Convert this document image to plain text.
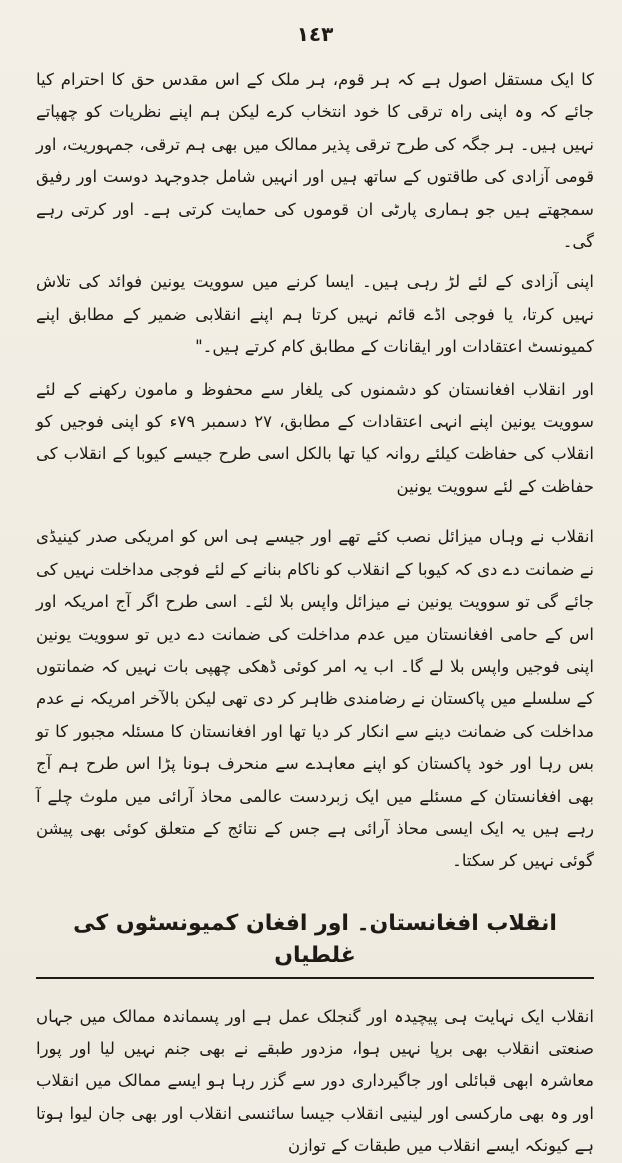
١٤٣

کا ایک مستقل اصول ہے کہ ہر قوم، ہر ملک کے اس مقدس حق کا احترام کیا جائے کہ وہ اپنی راہ ترقی کا خود انتخاب کرے لیکن ہم اپنے نظریات کو چھپاتے نہیں ہیں۔ ہر جگہ کی طرح ترقی پذیر ممالک میں بھی ہم ترقی، جمہوریت، اور قومی آزادی کی طاقتوں کے ساتھ ہیں اور انہیں شامل جدوجہد دوست اور رفیق سمجھتے ہیں جو ہماری پارٹی ان قوموں کی حمایت کرتی ہے۔ اور کرتی رہے گی۔

اپنی آزادی کے لئے لڑ رہی ہیں۔ ایسا کرنے میں سوویت یونین فوائد کی تلاش نہیں کرتا، یا فوجی اڈے قائم نہیں کرتا ہم اپنے انقلابی ضمیر کے مطابق اپنے کمیونسٹ اعتقادات اور ایقانات کے مطابق کام کرتے ہیں۔"

اور انقلاب افغانستان کو دشمنوں کی یلغار سے محفوظ و مامون رکھنے کے لئے سوویت یونین اپنے انہی اعتقادات کے مطابق، ۲۷ دسمبر ۷۹ء کو اپنی فوجیں کو انقلاب کی حفاظت کیلئے روانہ کیا تھا بالکل اسی طرح جیسے کیوبا کے انقلاب کی حفاظت کے لئے سوویت یونین

انقلاب نے وہاں میزائل نصب کئے تھے اور جیسے ہی اس کو امریکی صدر کینیڈی نے ضمانت دے دی کہ کیوبا کے انقلاب کو ناکام بنانے کے لئے فوجی مداخلت نہیں کی جائے گی تو سوویت یونین نے میزائل واپس بلا لئے۔ اسی طرح اگر آج امریکہ اور اس کے حامی افغانستان میں عدم مداخلت کی ضمانت دے دیں تو سوویت یونین اپنی فوجیں واپس بلا لے گا۔ اب یہ امر کوئی ڈھکی چھپی بات نہیں کہ ضمانتوں کے سلسلے میں پاکستان نے رضامندی ظاہر کر دی تھی لیکن بالآخر امریکہ نے عدم مداخلت کی ضمانت دینے سے انکار کر دیا تھا اور افغانستان کا مسئلہ مجبور کا تو بس رہا اور خود پاکستان کو اپنے معاہدے سے منحرف ہونا پڑا اس طرح ہم آج بھی افغانستان کے مسئلے میں ایک زبردست عالمی محاذ آرائی میں ملوث چلے آ رہے ہیں یہ ایک ایسی محاذ آرائی ہے جس کے نتائج کے متعلق کوئی بھی پیشن گوئی نہیں کر سکتا۔

انقلاب افغانستان۔ اور افغان کمیونسٹوں کی غلطیاں

انقلاب ایک نہایت ہی پیچیدہ اور گنجلک عمل ہے اور پسماندہ ممالک میں جہاں صنعتی انقلاب بھی برپا نہیں ہوا، مزدور طبقے نے بھی جنم نہیں لیا اور پورا معاشرہ ابھی قبائلی اور جاگیرداری دور سے گزر رہا ہو ایسے ممالک میں انقلاب اور وہ بھی مارکسی اور لینیی انقلاب جیسا سائنسی انقلاب اور بھی جان لیوا ہوتا ہے کیونکہ ایسے انقلاب میں طبقات کے توازن
